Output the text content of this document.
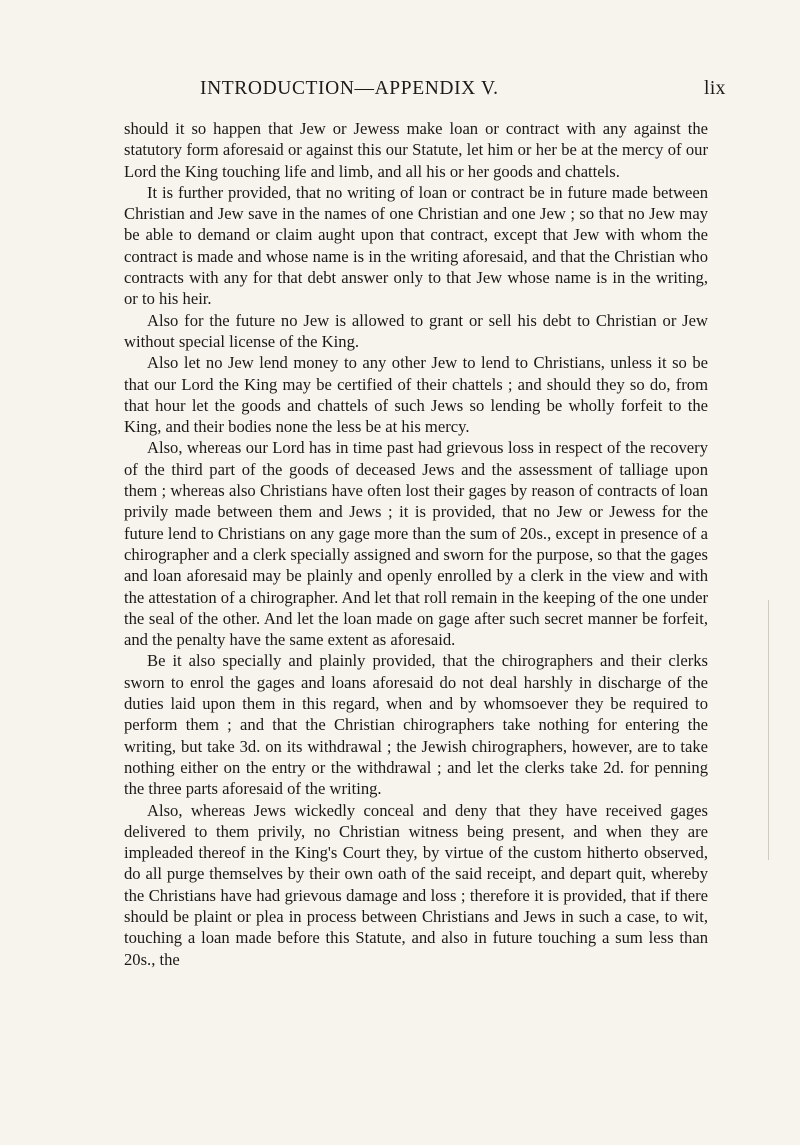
INTRODUCTION—APPENDIX V.	lix

should it so happen that Jew or Jewess make loan or contract with any against the statutory form aforesaid or against this our Statute, let him or her be at the mercy of our Lord the King touching life and limb, and all his or her goods and chattels.

It is further provided, that no writing of loan or contract be in future made between Christian and Jew save in the names of one Christian and one Jew ; so that no Jew may be able to demand or claim aught upon that contract, except that Jew with whom the contract is made and whose name is in the writing aforesaid, and that the Christian who contracts with any for that debt answer only to that Jew whose name is in the writing, or to his heir.

Also for the future no Jew is allowed to grant or sell his debt to Christian or Jew without special license of the King.

Also let no Jew lend money to any other Jew to lend to Christians, unless it so be that our Lord the King may be certified of their chattels ; and should they so do, from that hour let the goods and chattels of such Jews so lending be wholly forfeit to the King, and their bodies none the less be at his mercy.

Also, whereas our Lord has in time past had grievous loss in respect of the recovery of the third part of the goods of deceased Jews and the assessment of talliage upon them ; whereas also Christians have often lost their gages by reason of contracts of loan privily made between them and Jews ; it is provided, that no Jew or Jewess for the future lend to Christians on any gage more than the sum of 20s., except in presence of a chirographer and a clerk specially assigned and sworn for the purpose, so that the gages and loan aforesaid may be plainly and openly enrolled by a clerk in the view and with the attestation of a chirographer. And let that roll remain in the keeping of the one under the seal of the other. And let the loan made on gage after such secret manner be forfeit, and the penalty have the same extent as aforesaid.

Be it also specially and plainly provided, that the chirographers and their clerks sworn to enrol the gages and loans aforesaid do not deal harshly in discharge of the duties laid upon them in this regard, when and by whomsoever they be required to perform them ; and that the Christian chirographers take nothing for entering the writing, but take 3d. on its withdrawal ; the Jewish chirographers, however, are to take nothing either on the entry or the withdrawal ; and let the clerks take 2d. for penning the three parts aforesaid of the writing.

Also, whereas Jews wickedly conceal and deny that they have received gages delivered to them privily, no Christian witness being present, and when they are impleaded thereof in the King's Court they, by virtue of the custom hitherto observed, do all purge themselves by their own oath of the said receipt, and depart quit, whereby the Christians have had grievous damage and loss ; therefore it is provided, that if there should be plaint or plea in process between Christians and Jews in such a case, to wit, touching a loan made before this Statute, and also in future touching a sum less than 20s., the
